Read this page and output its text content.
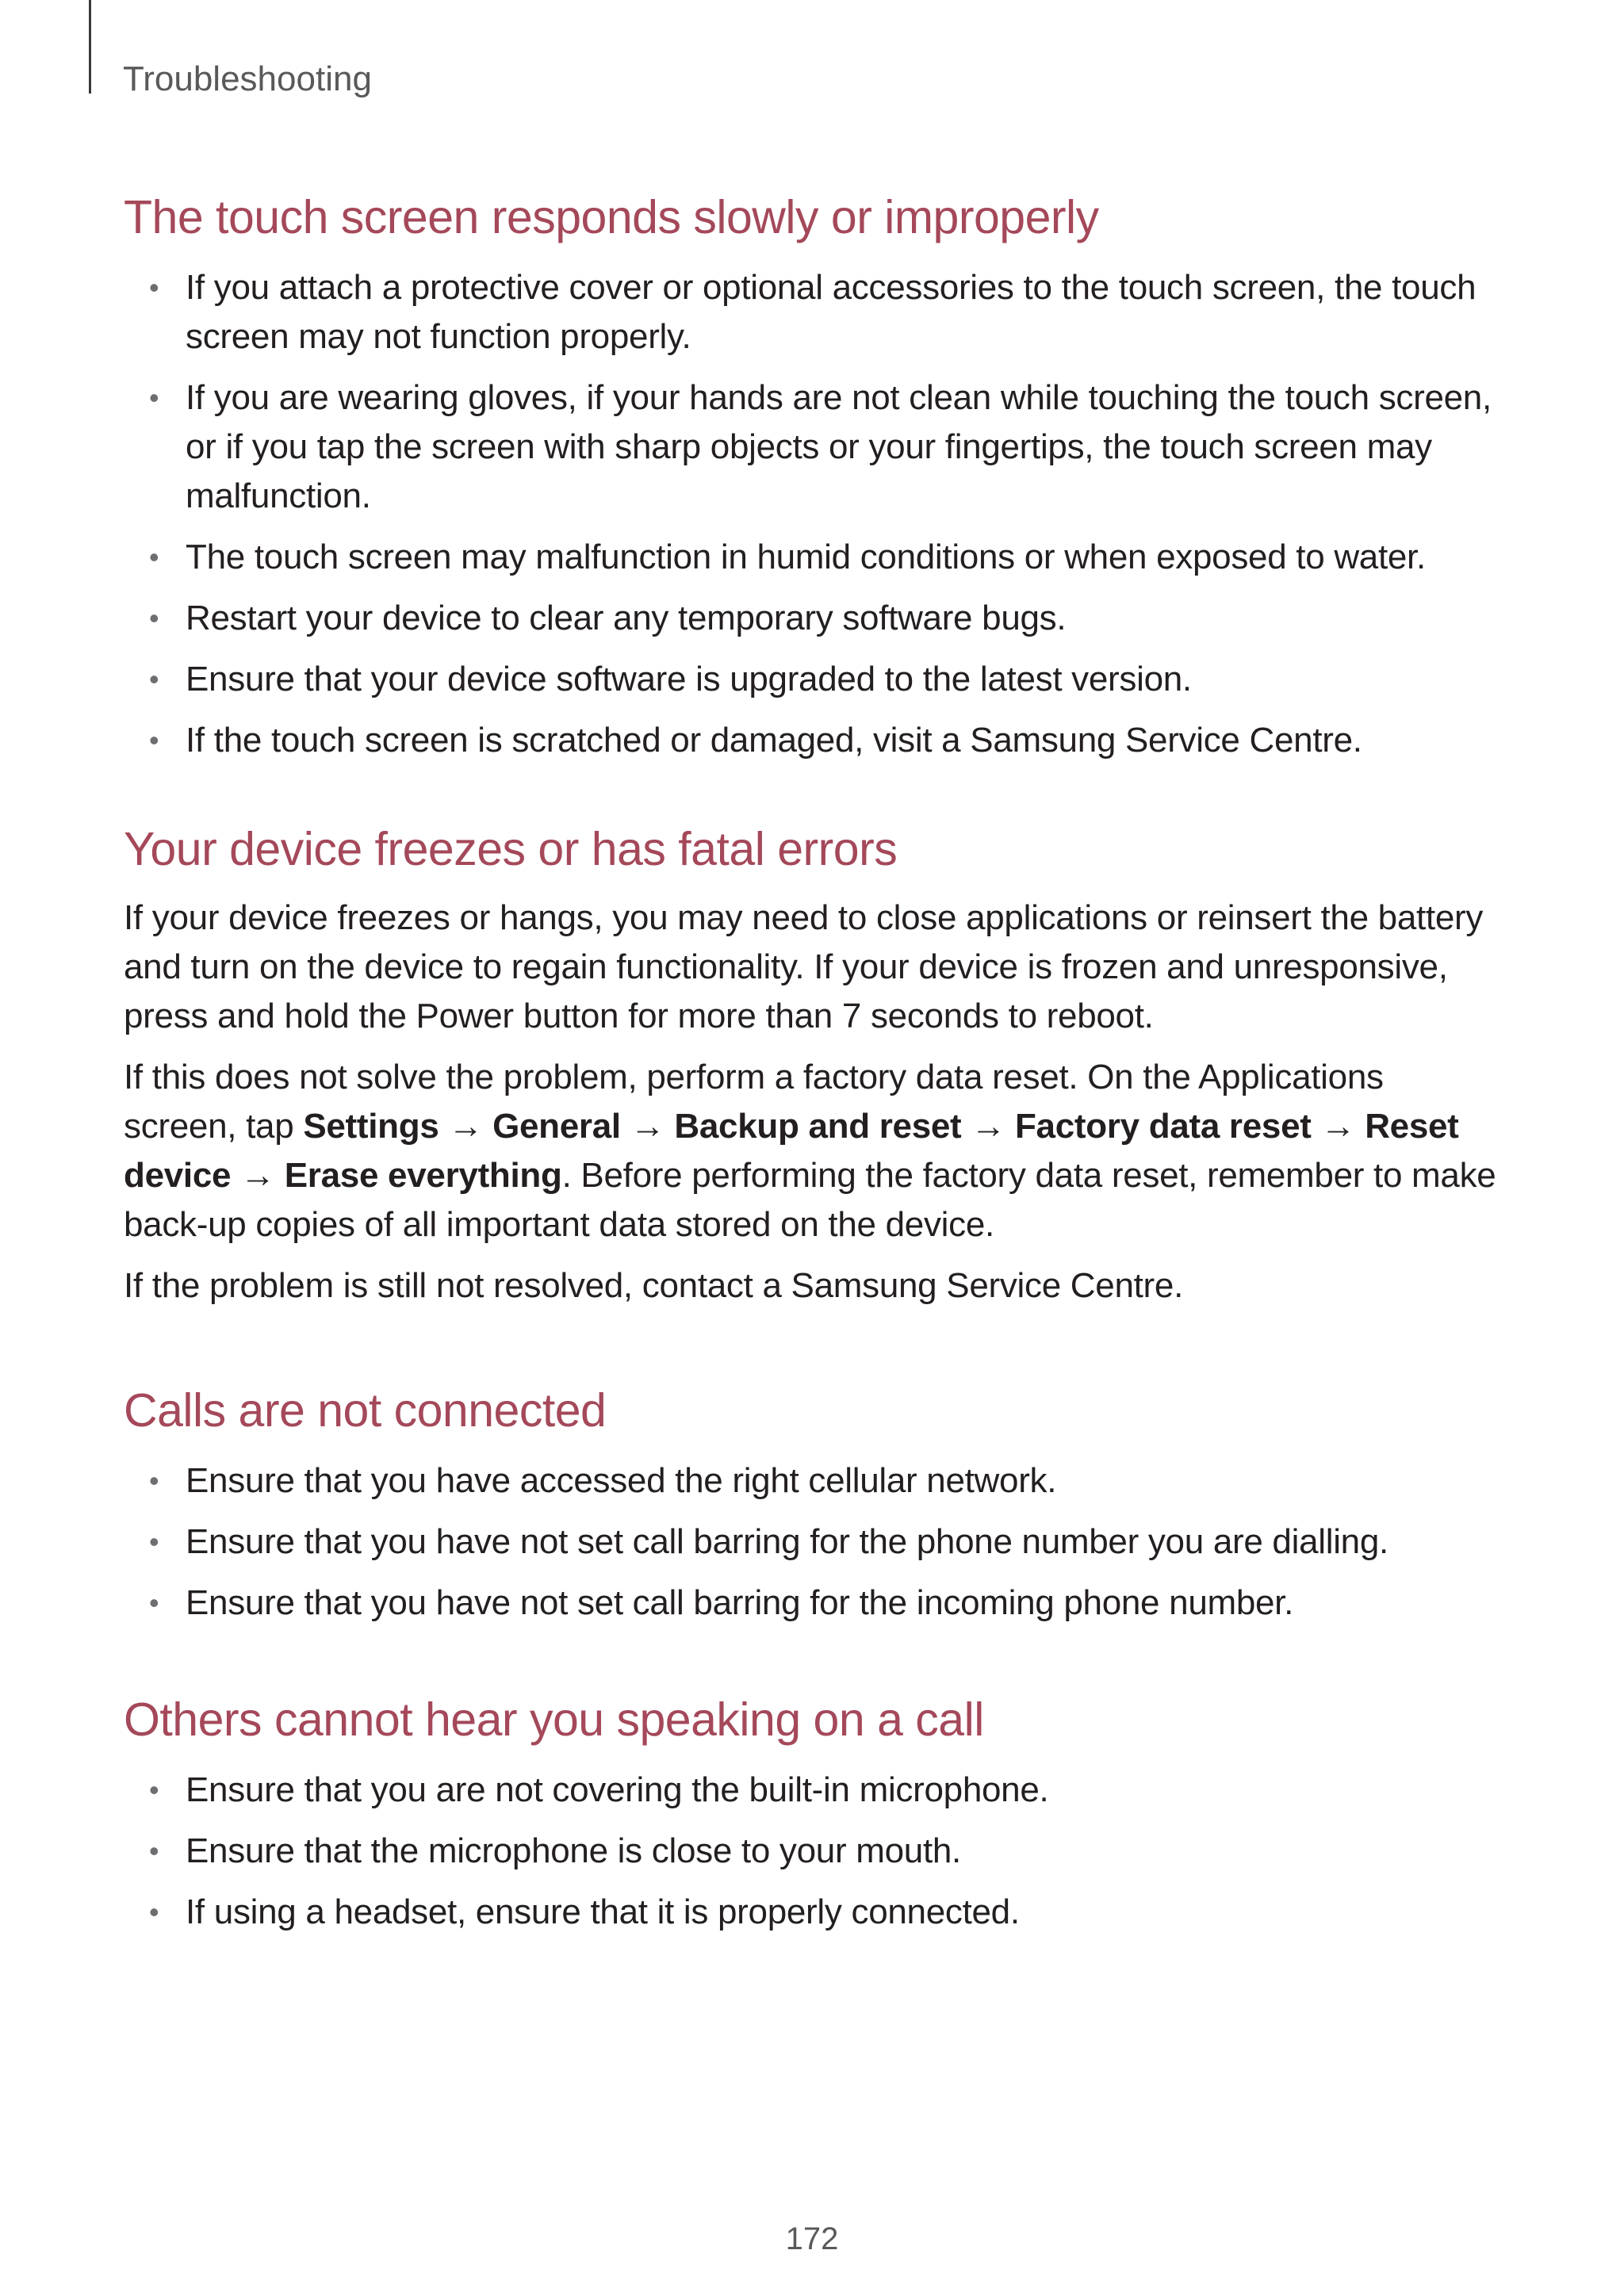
Troubleshooting
The touch screen responds slowly or improperly
• If you attach a protective cover or optional accessories to the touch screen, the touch screen may not function properly.
• If you are wearing gloves, if your hands are not clean while touching the touch screen, or if you tap the screen with sharp objects or your fingertips, the touch screen may malfunction.
• The touch screen may malfunction in humid conditions or when exposed to water.
• Restart your device to clear any temporary software bugs.
• Ensure that your device software is upgraded to the latest version.
• If the touch screen is scratched or damaged, visit a Samsung Service Centre.
Your device freezes or has fatal errors

If your device freezes or hangs, you may need to close applications or reinsert the battery and turn on the device to regain functionality. If your device is frozen and unresponsive, press and hold the Power button for more than 7 seconds to reboot.

If this does not solve the problem, perform a factory data reset. On the Applications screen, tap Settings → General → Backup and reset → Factory data reset → Reset device → Erase everything. Before performing the factory data reset, remember to make back-up copies of all important data stored on the device.

If the problem is still not resolved, contact a Samsung Service Centre.

Calls are not connected
• Ensure that you have accessed the right cellular network.
• Ensure that you have not set call barring for the phone number you are dialling.
• Ensure that you have not set call barring for the incoming phone number.
Others cannot hear you speaking on a call
• Ensure that you are not covering the built-in microphone.
• Ensure that the microphone is close to your mouth.
• If using a headset, ensure that it is properly connected.
172
